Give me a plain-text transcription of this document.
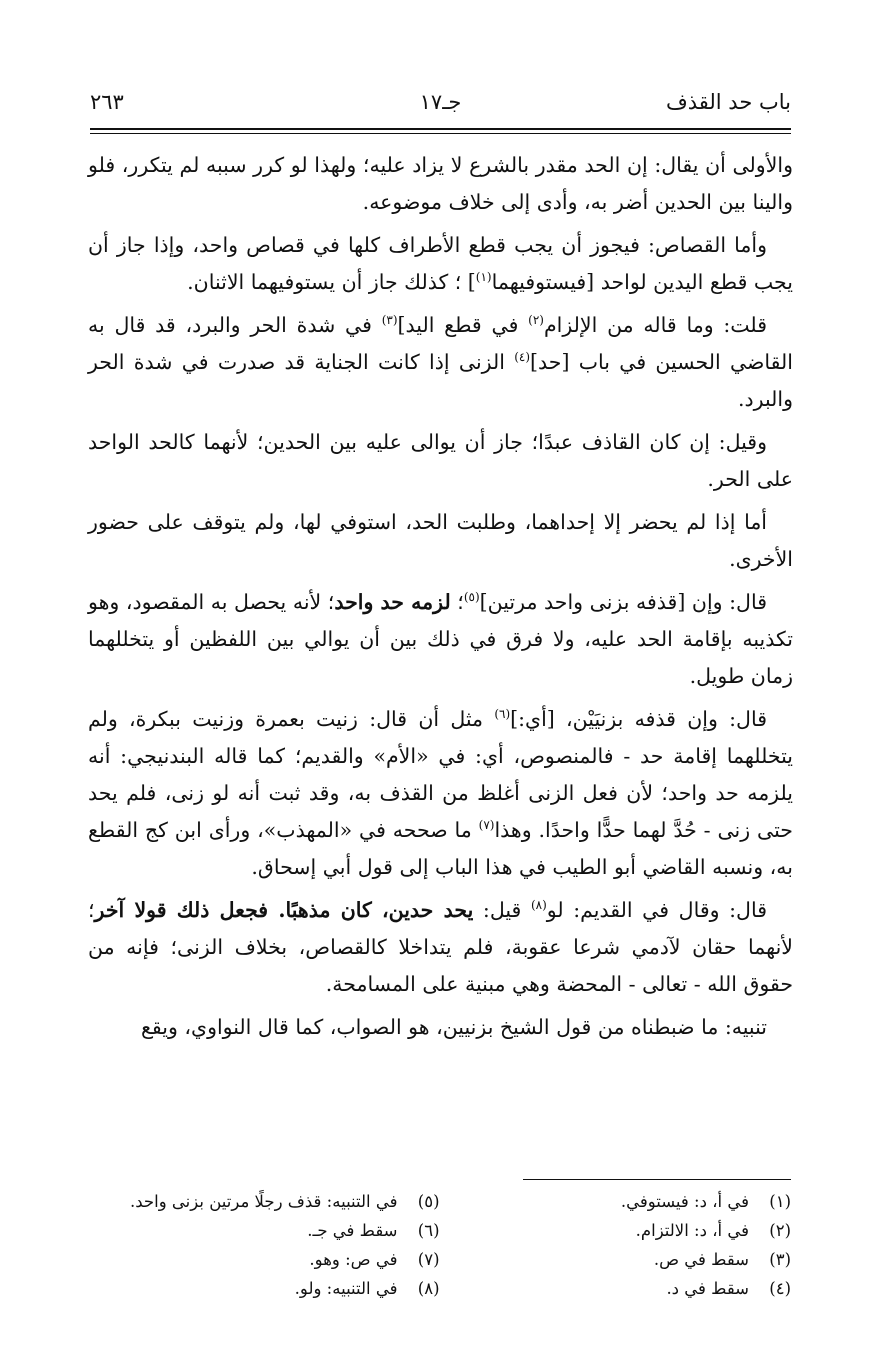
باب حد القذف
جـ١٧
٢٦٣

والأولى أن يقال: إن الحد مقدر بالشرع لا يزاد عليه؛ ولهذا لو كرر سببه لم يتكرر، فلو والينا بين الحدين أضر به، وأدى إلى خلاف موضوعه.

وأما القصاص: فيجوز أن يجب قطع الأطراف كلها في قصاص واحد، وإذا جاز أن يجب قطع اليدين لواحد [فيستوفيهما$^{(١)}$] ؛ كذلك جاز أن يستوفيهما الاثنان.

قلت: وما قاله من الإلزام$^{(٢)}$ في قطع اليد]$^{(٣)}$ في شدة الحر والبرد، قد قال به القاضي الحسين في باب [حد]$^{(٤)}$ الزنى إذا كانت الجناية قد صدرت في شدة الحر والبرد.

وقيل: إن كان القاذف عبدًا؛ جاز أن يوالى عليه بين الحدين؛ لأنهما كالحد الواحد على الحر.

أما إذا لم يحضر إلا إحداهما، وطلبت الحد، استوفي لها، ولم يتوقف على حضور الأخرى.

قال: وإن [قذفه بزنى واحد مرتين]$^{(٥)}$؛ لزمه حد واحد؛ لأنه يحصل به المقصود، وهو تكذيبه بإقامة الحد عليه، ولا فرق في ذلك بين أن يوالي بين اللفظين أو يتخللهما زمان طويل.

قال: وإن قذفه بزنيَيْن، [أي:]$^{(٦)}$ مثل أن قال: زنيت بعمرة وزنيت ببكرة، ولم يتخللهما إقامة حد - فالمنصوص، أي: في «الأم» والقديم؛ كما قاله البندنيجي: أنه يلزمه حد واحد؛ لأن فعل الزنى أغلظ من القذف به، وقد ثبت أنه لو زنى، فلم يحد حتى زنى - حُدَّ لهما حدًّا واحدًا. وهذا$^{(٧)}$ ما صححه في «المهذب»، ورأى ابن كج القطع به، ونسبه القاضي أبو الطيب في هذا الباب إلى قول أبي إسحاق.

قال: وقال في القديم: لو$^{(٨)}$ قيل: يحد حدين، كان مذهبًا. فجعل ذلك قولا آخر؛ لأنهما حقان لآدمي شرعا عقوبة، فلم يتداخلا كالقصاص، بخلاف الزنى؛ فإنه من حقوق الله - تعالى - المحضة وهي مبنية على المسامحة.

تنبيه: ما ضبطناه من قول الشيخ بزنيين، هو الصواب، كما قال النواوي، ويقع

(١)في أ، د: فيستوفي.
(٢)في أ، د: الالتزام.
(٣)سقط في ص.
(٤)سقط في د.
(٥)في التنبيه: قذف رجلًا مرتين بزنى واحد.
(٦)سقط في جـ.
(٧)في ص: وهو.
(٨)في التنبيه: ولو.
